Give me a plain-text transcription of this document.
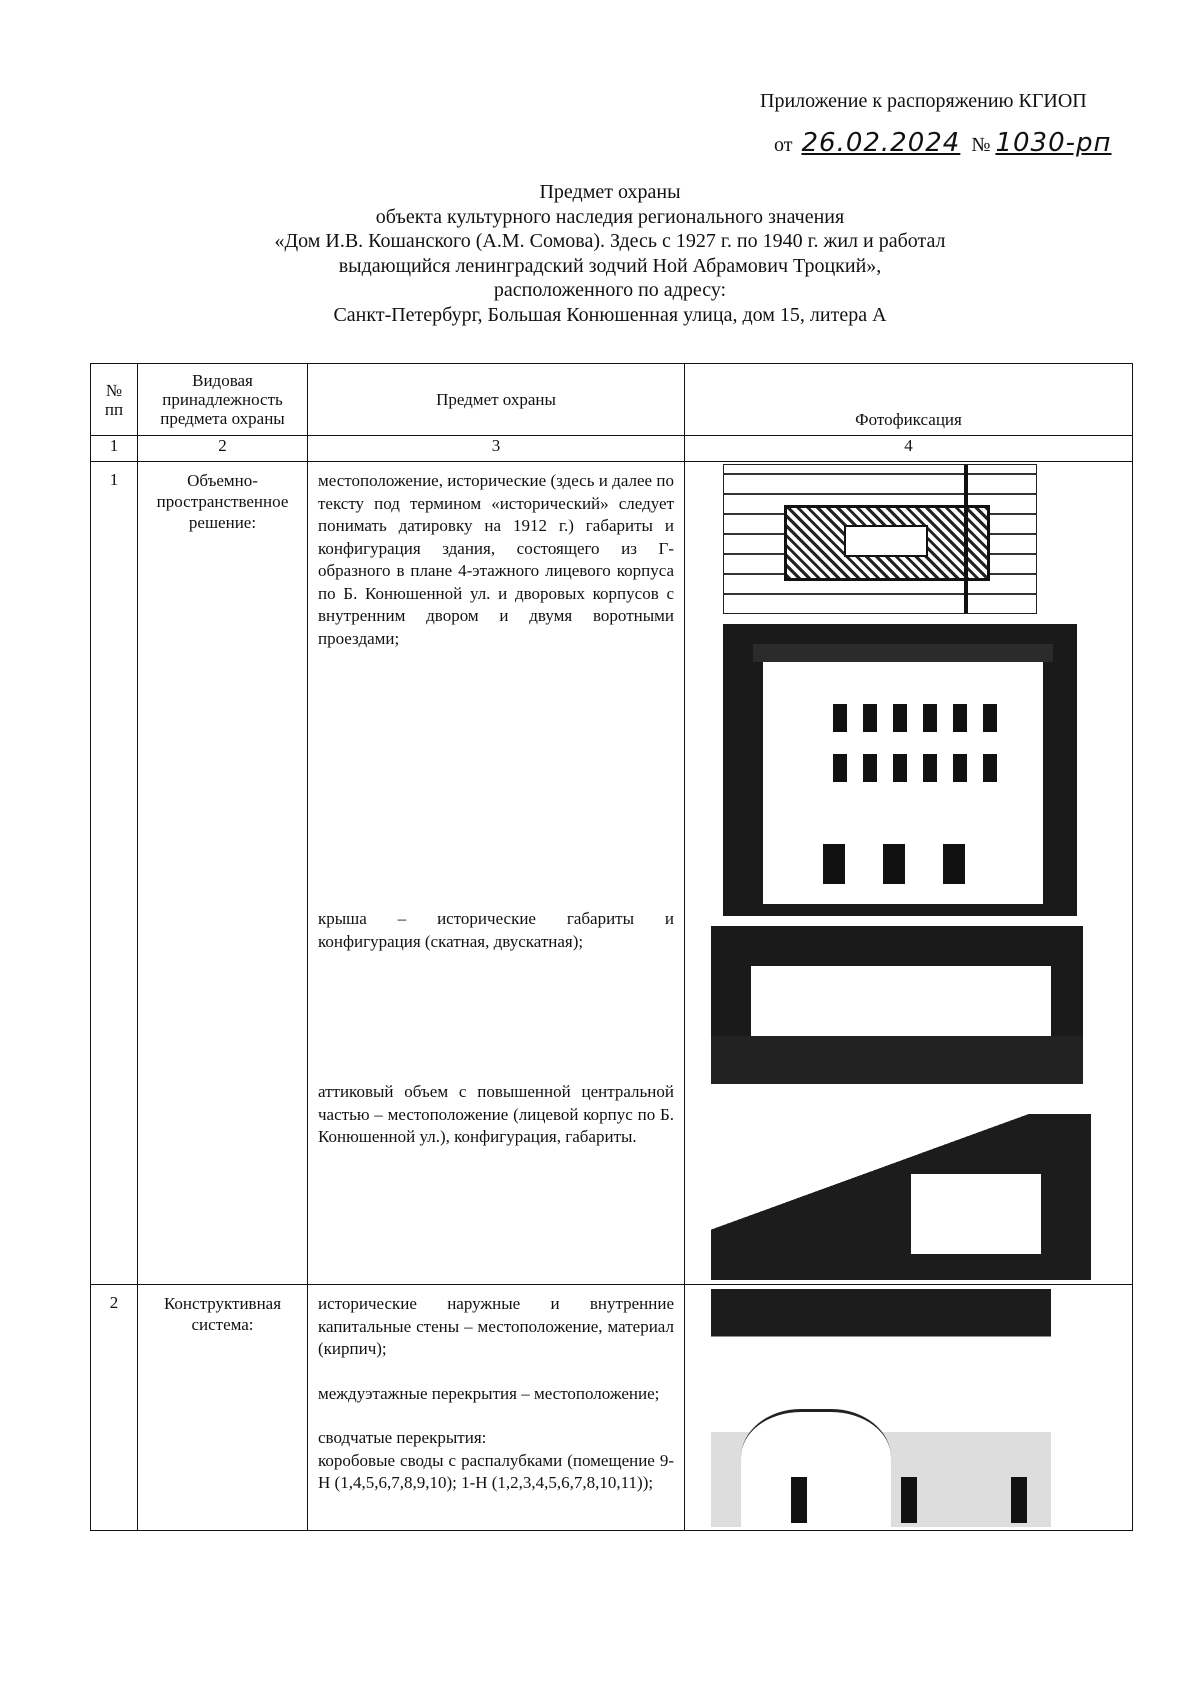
Приложение к распоряжению КГИОП
от 26.02.2024 № 1030-рп
Предмет охраны
объекта культурного наследия регионального значения
«Дом И.В. Кошанского (А.М. Сомова). Здесь с 1927 г. по 1940 г. жил и работал
выдающийся ленинградский зодчий Ной Абрамович Троцкий»,
расположенного по адресу:
Санкт-Петербург, Большая Конюшенная улица, дом 15, литера А
№ пп	Видовая принадлежность предмета охраны	Предмет охраны	Фотофиксация
1	2	3	4
1	Объемно-пространственное решение:	местоположение, исторические (здесь и далее по тексту под термином «исторический» следует понимать датировку на 1912 г.) габариты и конфигурация здания, состоящего из Г-образного в плане 4-этажного лицевого корпуса по Б. Конюшенной ул. и дворовых корпусов с внутренним двором и двумя воротными проездами;

крыша – исторические габариты и конфигурация (скатная, двускатная);

аттиковый объем с повышенной центральной частью – местоположение (лицевой корпус по Б. Конюшенной ул.), конфигурация, габариты.	

2	Конструктивная система:	исторические наружные и внутренние капитальные стены – местоположение, материал (кирпич);

междуэтажные перекрытия – местоположение;

сводчатые перекрытия:

коробовые своды с распалубками (помещение 9-Н (1,4,5,6,7,8,9,10); 1-Н (1,2,3,4,5,6,7,8,10,11));	
